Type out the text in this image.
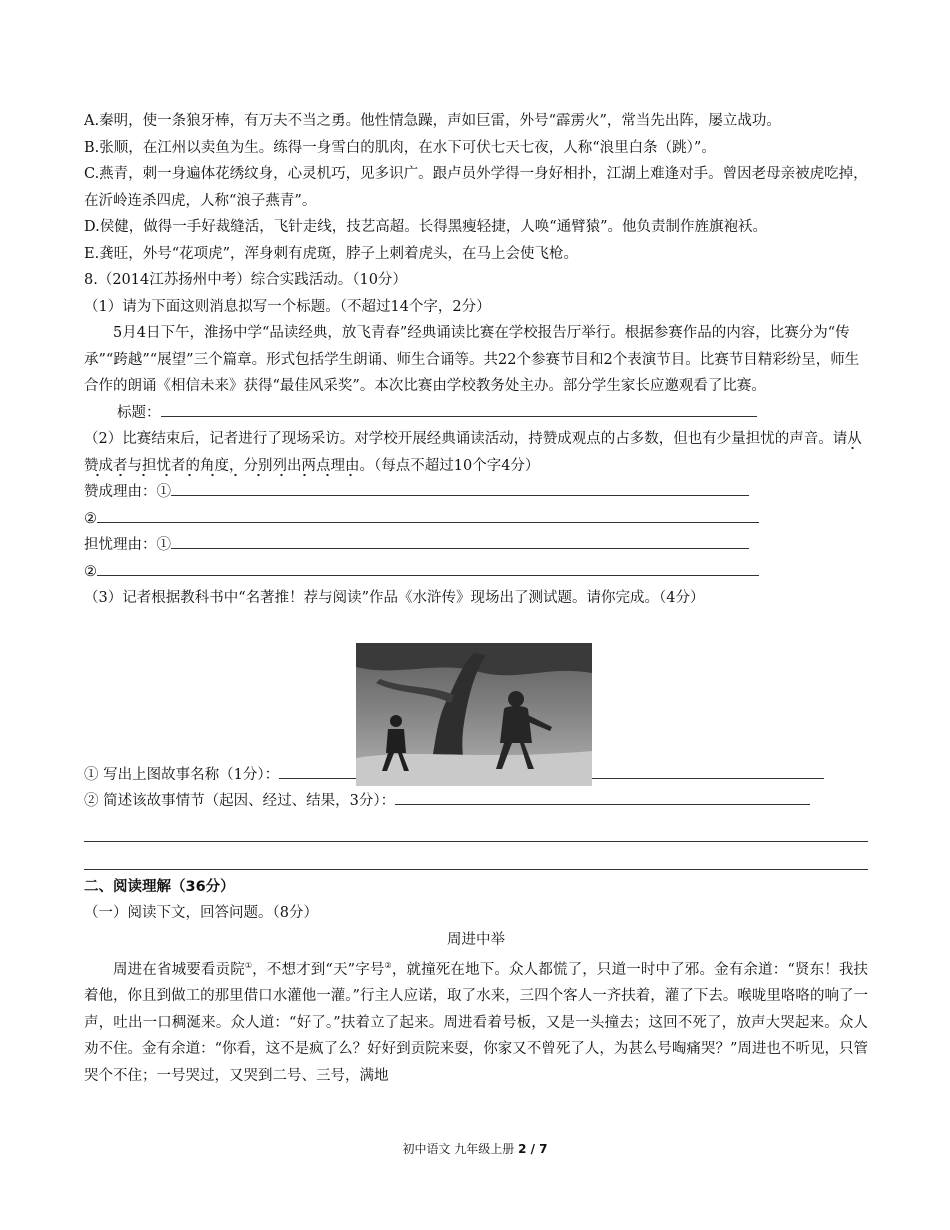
A.秦明，使一条狼牙棒，有万夫不当之勇。他性情急躁，声如巨雷，外号“霹雳火”，常当先出阵，屡立战功。
B.张顺，在江州以卖鱼为生。练得一身雪白的肌肉，在水下可伏七天七夜，人称“浪里白条（跳）”。
C.燕青，刺一身遍体花绣纹身，心灵机巧，见多识广。跟卢员外学得一身好相扑，江湖上难逢对手。曾因老母亲被虎吃掉，在沂岭连杀四虎，人称“浪子燕青”。
D.侯健，做得一手好裁缝活，飞针走线，技艺高超。长得黑瘦轻捷，人唤“通臂猿”。他负责制作旌旗袍袄。
E.龚旺，外号“花项虎”，浑身刺有虎斑，脖子上刺着虎头，在马上会使飞枪。
8.（2014江苏扬州中考）综合实践活动。（10分）
（1）请为下面这则消息拟写一个标题。（不超过14个字，2分）
5月4日下午，淮扬中学“品读经典，放飞青春”经典诵读比赛在学校报告厅举行。根据参赛作品的内容，比赛分为“传承”“跨越”“展望”三个篇章。形式包括学生朗诵、师生合诵等。共22个参赛节目和2个表演节目。比赛节目精彩纷呈，师生合作的朗诵《相信未来》获得“最佳风采奖”。本次比赛由学校教务处主办。部分学生家长应邀观看了比赛。
标题：
（2）比赛结束后，记者进行了现场采访。对学校开展经典诵读活动，持赞成观点的占多数，但也有少量担忧的声音。请从赞成者与担忧者的角度，分别列出两点理由。（每点不超过10个字4分）
赞成理由：①
②
担忧理由：①
②
（3）记者根据教科书中“名著推！荐与阅读”作品《水浒传》现场出了测试题。请你完成。（4分）
① 写出上图故事名称（1分）：
② 简述该故事情节（起因、经过、结果，3分）：
二、阅读理解（36分）
（一）阅读下文，回答问题。（8分）
周进中举
周进在省城要看贡院①，不想才到“天”字号②，就撞死在地下。众人都慌了，只道一时中了邪。金有余道：“贤东！我扶着他，你且到做工的那里借口水灌他一灌。”行主人应诺，取了水来，三四个客人一齐扶着，灌了下去。喉咙里咯咯的响了一声，吐出一口稠涎来。众人道：“好了。”扶着立了起来。周进看着号板，又是一头撞去；这回不死了，放声大哭起来。众人劝不住。金有余道：“你看，这不是疯了么？好好到贡院来耍，你家又不曾死了人，为甚么号啕痛哭？”周进也不听见，只管哭个不住；一号哭过，又哭到二号、三号，满地
初中语文 九年级上册 2 / 7
